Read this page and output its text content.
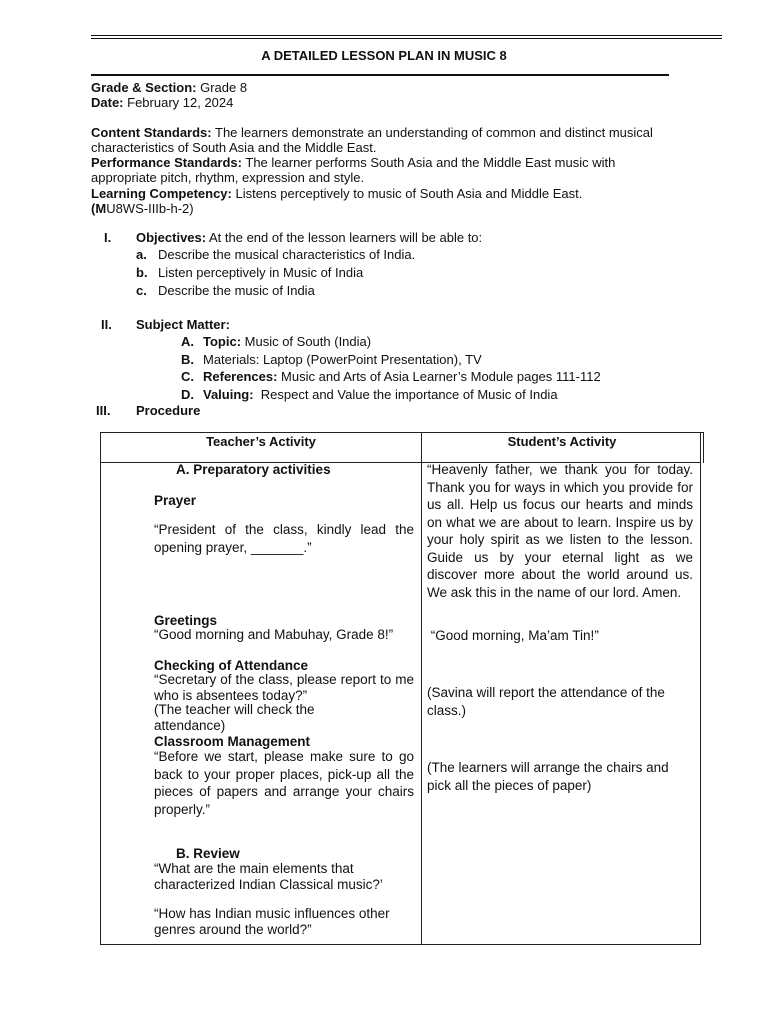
A DETAILED LESSON PLAN IN MUSIC 8
Grade & Section: Grade 8
Date: February 12, 2024
Content Standards: The learners demonstrate an understanding of common and distinct musical characteristics of South Asia and the Middle East.
Performance Standards: The learner performs South Asia and the Middle East music with appropriate pitch, rhythm, expression and style.
Learning Competency: Listens perceptively to music of South Asia and Middle East.
(MU8WS-IIIb-h-2)
I. Objectives: At the end of the lesson learners will be able to:
a. Describe the musical characteristics of India.
b. Listen perceptively in Music of India
c. Describe the music of India
II. Subject Matter:
A. Topic: Music of South (India)
B. Materials: Laptop (PowerPoint Presentation), TV
C. References: Music and Arts of Asia Learner’s Module pages 111-112
D. Valuing: Respect and Value the importance of Music of India
III. Procedure
Teacher’s Activity	Student’s Activity
A. Preparatory activities
Prayer
“President of the class, kindly lead the opening prayer, _______.”
Greetings
“Good morning and Mabuhay, Grade 8!”
Checking of Attendance
“Secretary of the class, please report to me who is absentees today?”
(The teacher will check the attendance)
Classroom Management
“Before we start, please make sure to go back to your proper places, pick-up all the pieces of papers and arrange your chairs properly.”
B. Review
“What are the main elements that characterized Indian Classical music?’
“How has Indian music influences other genres around the world?”
“Heavenly father, we thank you for today. Thank you for ways in which you provide for us all. Help us focus our hearts and minds on what we are about to learn. Inspire us by your holy spirit as we listen to the lesson. Guide us by your eternal light as we discover more about the world around us. We ask this in the name of our lord. Amen.
“Good morning, Ma’am Tin!”
(Savina will report the attendance of the class.)
(The learners will arrange the chairs and pick all the pieces of paper)
